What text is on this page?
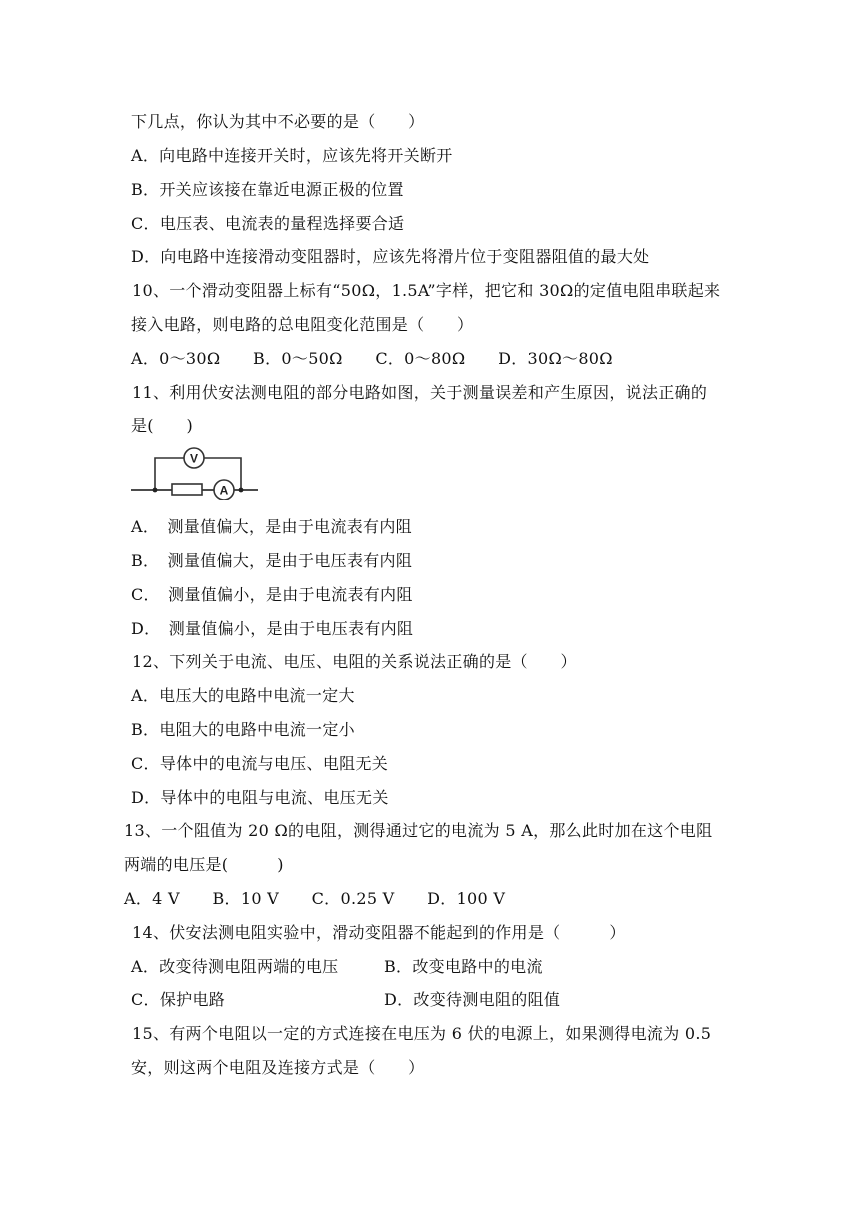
下几点，你认为其中不必要的是（　　）
A．向电路中连接开关时，应该先将开关断开
B．开关应该接在靠近电源正极的位置
C．电压表、电流表的量程选择要合适
D．向电路中连接滑动变阻器时，应该先将滑片位于变阻器阻值的最大处
10、一个滑动变阻器上标有“50Ω，1.5A”字样，把它和 30Ω的定值电阻串联起来
接入电路，则电路的总电阻变化范围是（　　）
A．0～30Ω　　B．0～50Ω　　C．0～80Ω　　D．30Ω～80Ω
11、利用伏安法测电阻的部分电路如图，关于测量误差和产生原因，说法正确的
是(　　)
V
A
A．　测量值偏大，是由于电流表有内阻
B．　测量值偏大，是由于电压表有内阻
C．　测量值偏小，是由于电流表有内阻
D．　测量值偏小，是由于电压表有内阻
12、下列关于电流、电压、电阻的关系说法正确的是（　　）
A．电压大的电路中电流一定大
B．电阻大的电路中电流一定小
C．导体中的电流与电压、电阻无关
D．导体中的电阻与电流、电压无关
13、一个阻值为 20 Ω的电阻，测得通过它的电流为 5 A，那么此时加在这个电阻
两端的电压是(　　　)
A．4 V　　B．10 V　　C．0.25 V　　D．100 V
14、伏安法测电阻实验中，滑动变阻器不能起到的作用是（　　　）
A．改变待测电阻两端的电压	B．改变电路中的电流
C．保护电路	D．改变待测电阻的阻值
15、有两个电阻以一定的方式连接在电压为 6 伏的电源上，如果测得电流为 0.5
安，则这两个电阻及连接方式是（　　）
